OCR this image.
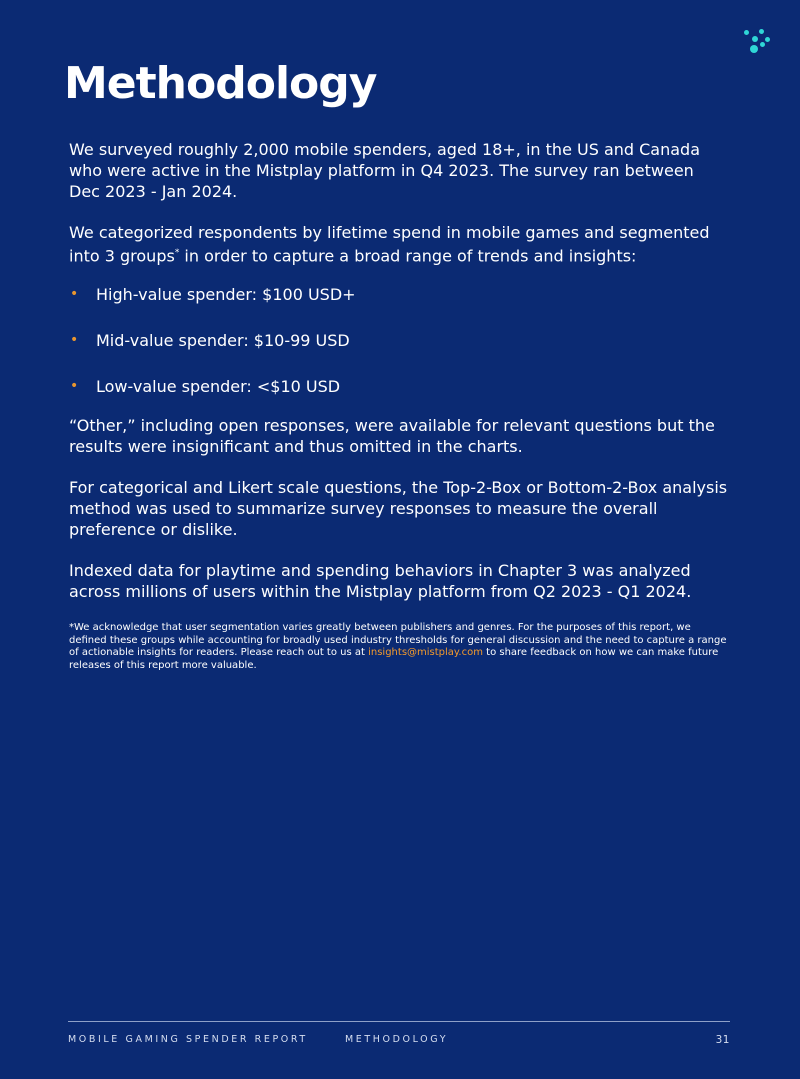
Methodology

We surveyed roughly 2,000 mobile spenders, aged 18+, in the US and Canada who were active in the Mistplay platform in Q4 2023. The survey ran between Dec 2023 - Jan 2024.

We categorized respondents by lifetime spend in mobile games and segmented into 3 groups* in order to capture a broad range of trends and insights:

• High-value spender: $100 USD+
• Mid-value spender: $10-99 USD
• Low-value spender: <$10 USD

“Other,” including open responses, were available for relevant questions but the results were insignificant and thus omitted in the charts.

For categorical and Likert scale questions, the Top-2-Box or Bottom-2-Box analysis method was used to summarize survey responses to measure the overall preference or dislike.

Indexed data for playtime and spending behaviors in Chapter 3 was analyzed across millions of users within the Mistplay platform from Q2 2023 - Q1 2024.

*We acknowledge that user segmentation varies greatly between publishers and genres. For the purposes of this report, we defined these groups while accounting for broadly used industry thresholds for general discussion and the need to capture a range of actionable insights for readers. Please reach out to us at insights@mistplay.com to share feedback on how we can make future releases of this report more valuable.

MOBILE GAMING SPENDER REPORT	METHODOLOGY	31
